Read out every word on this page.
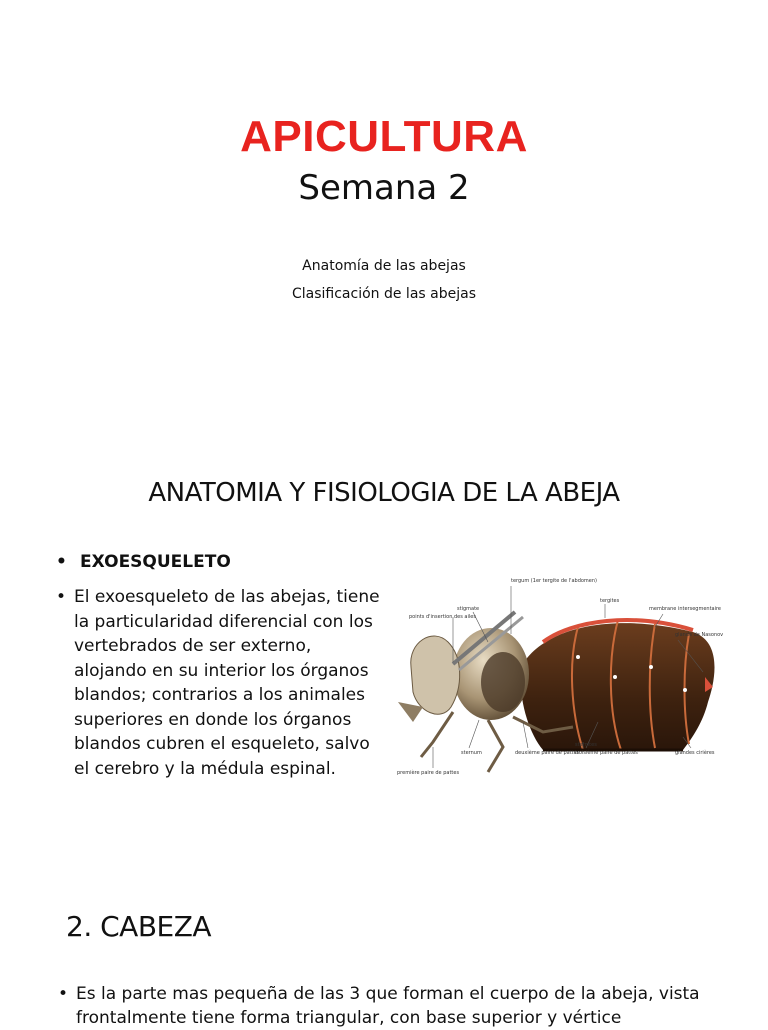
APICULTURA
Semana 2
Anatomía de las abejas
Clasificación de las abejas
ANATOMIA Y FISIOLOGIA DE LA ABEJA
• EXOESQUELETO
• El exoesqueleto de las abejas, tiene la particularidad diferencial con los vertebrados de ser externo, alojando en su interior los órganos blandos; contrarios a los animales superiores en donde los órganos blandos cubren el esqueleto, salvo el cerebro y la médula espinal.
tergum (1er tergite de l'abdomen)
stigmate
points d'insertion des ailes
tergites
membrane intersegmentaire
glande de Nasonov
sternum	deuxième paire de pattes
sternites
troisième paire de pattes	glandes cirières
première paire de pattes
2. CABEZA
• Es la parte mas pequeña de las 3 que forman el cuerpo de la abeja, vista frontalmente tiene forma triangular, con base superior y vértice
